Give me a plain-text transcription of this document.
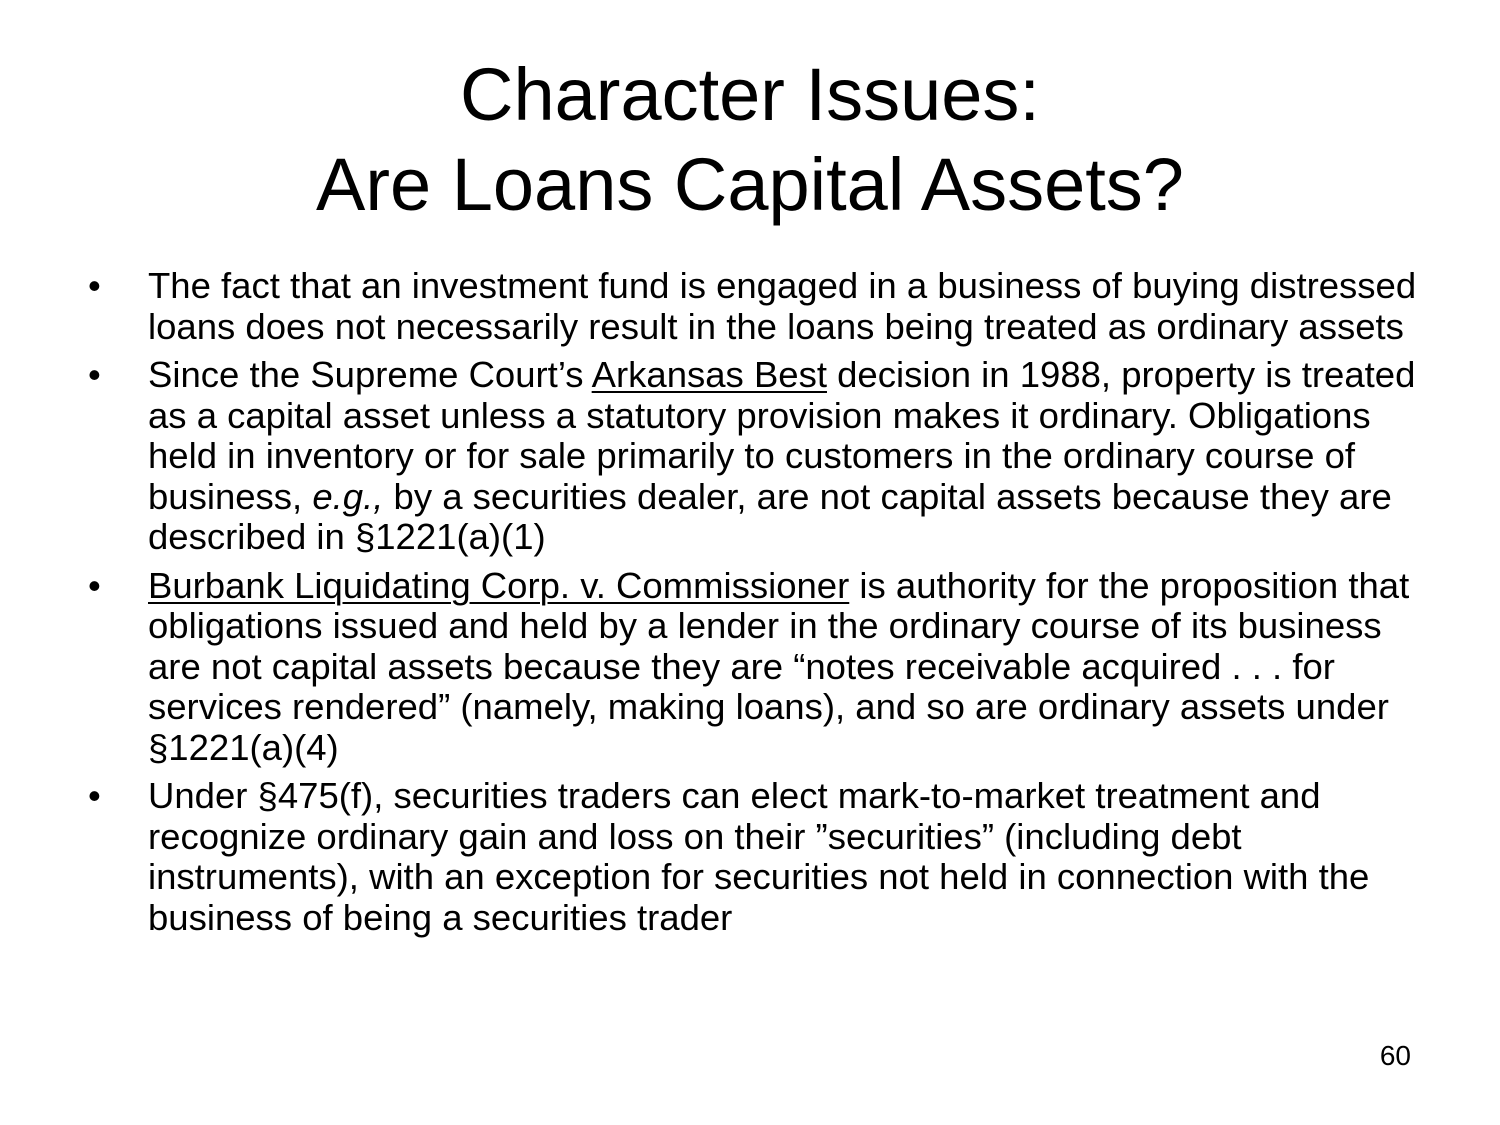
Character Issues:
Are Loans Capital Assets?
•	The fact that an investment fund is engaged in a business of buying distressed loans does not necessarily result in the loans being treated as ordinary assets
•	Since the Supreme Court’s Arkansas Best decision in 1988, property is treated as a capital asset unless a statutory provision makes it ordinary. Obligations held in inventory or for sale primarily to customers in the ordinary course of business, e.g., by a securities dealer, are not capital assets because they are described in §1221(a)(1)
•	Burbank Liquidating Corp. v. Commissioner is authority for the proposition that obligations issued and held by a lender in the ordinary course of its business are not capital assets because they are “notes receivable acquired . . . for services rendered” (namely, making loans), and so are ordinary assets under §1221(a)(4)
•	Under §475(f), securities traders can elect mark-to-market treatment and recognize ordinary gain and loss on their ”securities” (including debt instruments), with an exception for securities not held in connection with the business of being a securities trader
60
